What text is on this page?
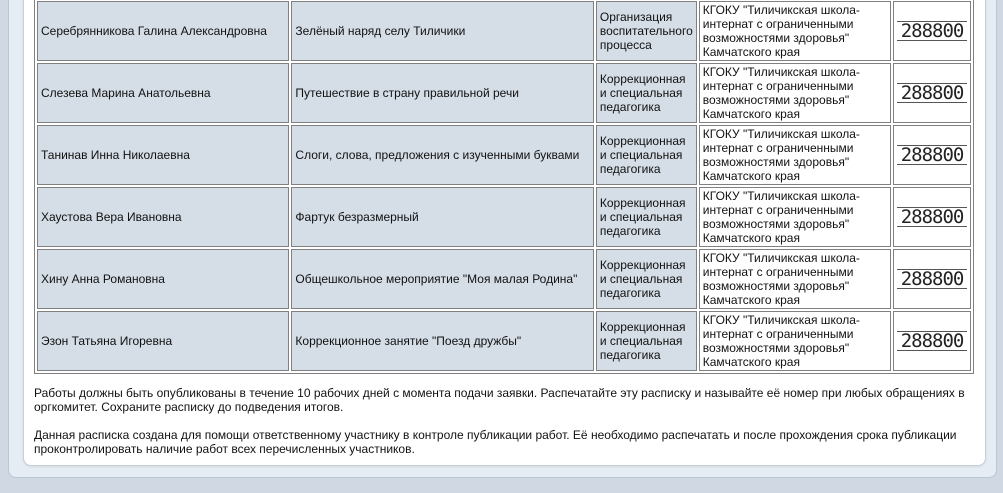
Серебрянникова Галина Александровна	Зелёный наряд селу Тиличики	Организация воспитательного процесса	КГОКУ "Тиличикская школа-интернат с ограниченными возможностями здоровья" Камчатского края	288800

Слезева Марина Анатольевна	Путешествие в страну правильной речи	Коррекционная и специальная педагогика	КГОКУ "Тиличикская школа-интернат с ограниченными возможностями здоровья" Камчатского края	288800

Танинав Инна Николаевна	Слоги, слова, предложения с изученными буквами	Коррекционная и специальная педагогика	КГОКУ "Тиличикская школа-интернат с ограниченными возможностями здоровья" Камчатского края	288800

Хаустова Вера Ивановна	Фартук безразмерный	Коррекционная и специальная педагогика	КГОКУ "Тиличикская школа-интернат с ограниченными возможностями здоровья" Камчатского края	288800

Хину Анна Романовна	Общешкольное мероприятие "Моя малая Родина"	Коррекционная и специальная педагогика	КГОКУ "Тиличикская школа-интернат с ограниченными возможностями здоровья" Камчатского края	288800

Эзон Татьяна Игоревна	Коррекционное занятие "Поезд дружбы"	Коррекционная и специальная педагогика	КГОКУ "Тиличикская школа-интернат с ограниченными возможностями здоровья" Камчатского края	288800

Работы должны быть опубликованы в течение 10 рабочих дней с момента подачи заявки. Распечатайте эту расписку и называйте её номер при любых обращениях в оргкомитет. Сохраните расписку до подведения итогов.

Данная расписка создана для помощи ответственному участнику в контроле публикации работ. Её необходимо распечатать и после прохождения срока публикации проконтролировать наличие работ всех перечисленных участников.
